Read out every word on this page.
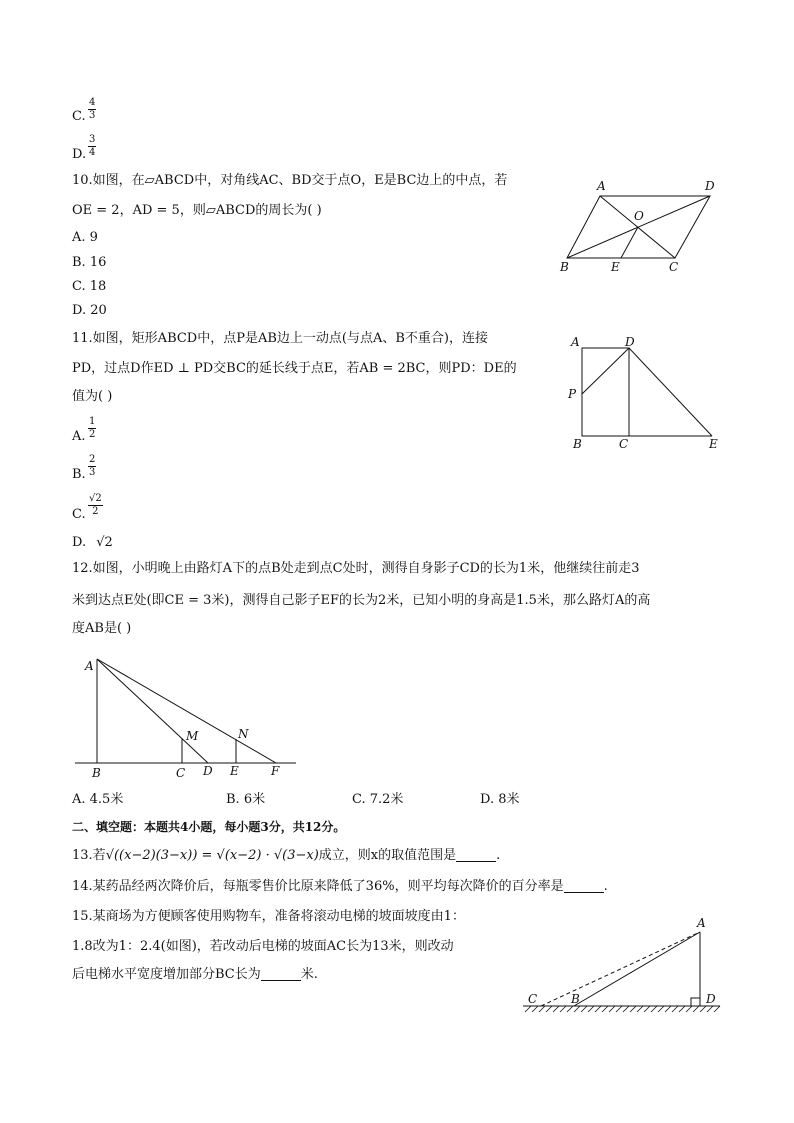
C. $\frac{4}{3}$
D. $\frac{3}{4}$
10.如图，在▱ABCD中，对角线AC、BD交于点O，E是BC边上的中点，若
OE = 2，AD = 5，则▱ABCD的周长为( )
A. 9
B. 16
C. 18
D. 20
A	D
O
B	E	C
11.如图，矩形ABCD中，点P是AB边上一动点(与点A、B不重合)，连接
PD，过点D作ED ⊥ PD交BC的延长线于点E，若AB = 2BC，则PD：DE的
值为( )
A. $\frac{1}{2}$
B. $\frac{2}{3}$
C. $\frac{√2}{2}$
D. √2
A	D
P
B	C	E
12.如图，小明晚上由路灯A下的点B处走到点C处时，测得自身影子CD的长为1米，他继续往前走3
米到达点E处(即CE = 3米)，测得自己影子EF的长为2米，已知小明的身高是1.5米，那么路灯A的高
度AB是( )
A
M	N
B	C D E	F
A. 4.5米	B. 6米	C. 7.2米	D. 8米
二、填空题：本题共4小题，每小题3分，共12分。
13.若√((x−2)(3−x)) = √(x−2) · √(3−x)成立，则x的取值范围是	.
14.某药品经两次降价后，每瓶零售价比原来降低了36%，则平均每次降价的百分率是	.
15.某商场为方便顾客使用购物车，准备将滚动电梯的坡面坡度由1：
1.8改为1：2.4(如图)，若改动后电梯的坡面AC长为13米，则改动
后电梯水平宽度增加部分BC长为	米.
A
C	B	D
